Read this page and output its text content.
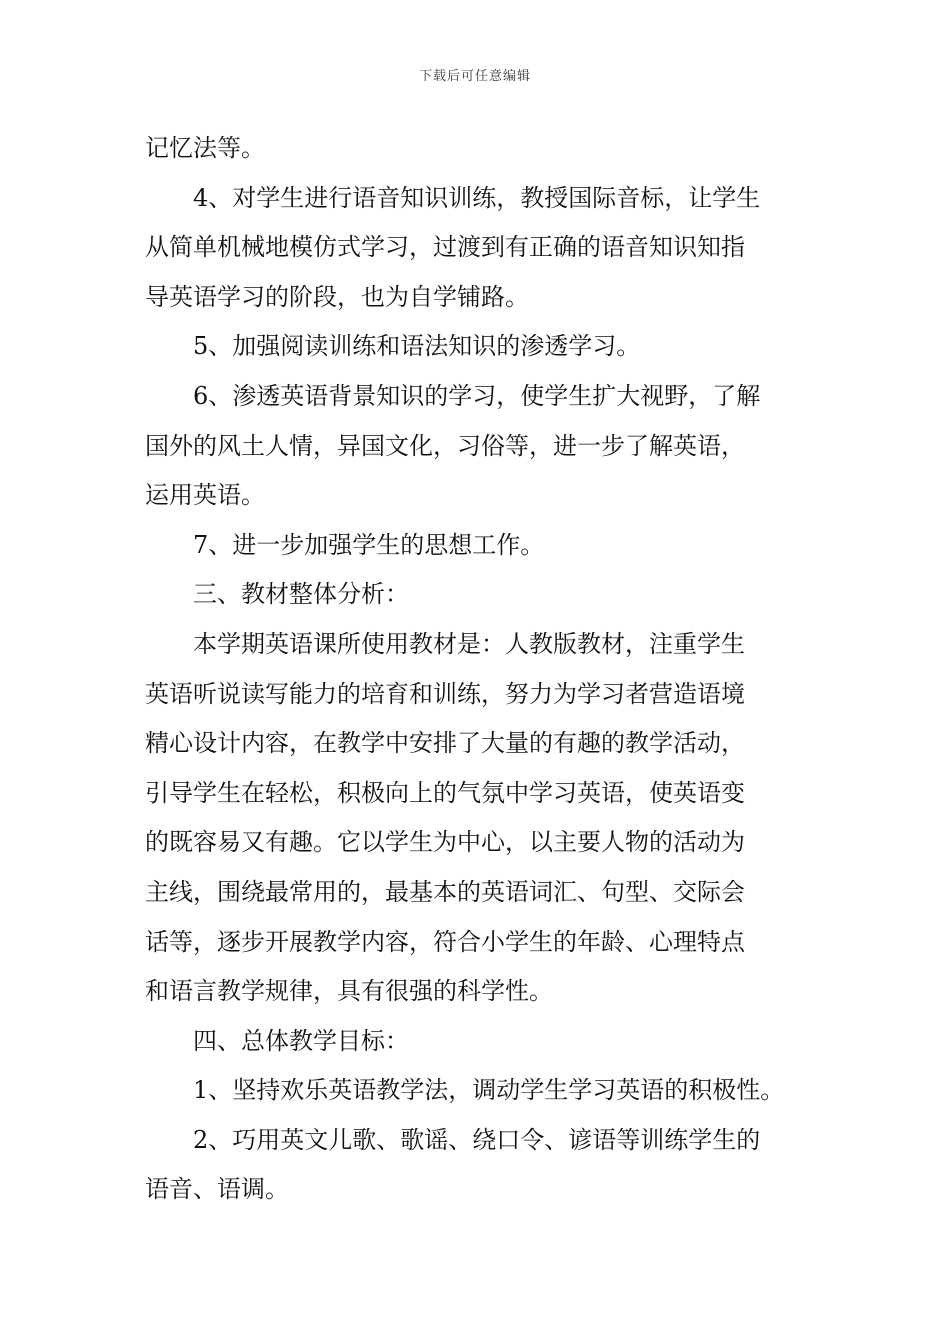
下载后可任意编辑

记忆法等。

4、对学生进行语音知识训练，教授国际音标，让学生
从简单机械地模仿式学习，过渡到有正确的语音知识知指
导英语学习的阶段，也为自学铺路。

5、加强阅读训练和语法知识的渗透学习。

6、渗透英语背景知识的学习，使学生扩大视野，了解
国外的风土人情，异国文化，习俗等，进一步了解英语，
运用英语。

7、进一步加强学生的思想工作。

三、教材整体分析：

本学期英语课所使用教材是：人教版教材，注重学生
英语听说读写能力的培育和训练，努力为学习者营造语境
精心设计内容，在教学中安排了大量的有趣的教学活动，
引导学生在轻松，积极向上的气氛中学习英语，使英语变
的既容易又有趣。它以学生为中心，以主要人物的活动为
主线，围绕最常用的，最基本的英语词汇、句型、交际会
话等，逐步开展教学内容，符合小学生的年龄、心理特点
和语言教学规律，具有很强的科学性。

四、总体教学目标：

1、坚持欢乐英语教学法，调动学生学习英语的积极性。

2、巧用英文儿歌、歌谣、绕口令、谚语等训练学生的
语音、语调。
